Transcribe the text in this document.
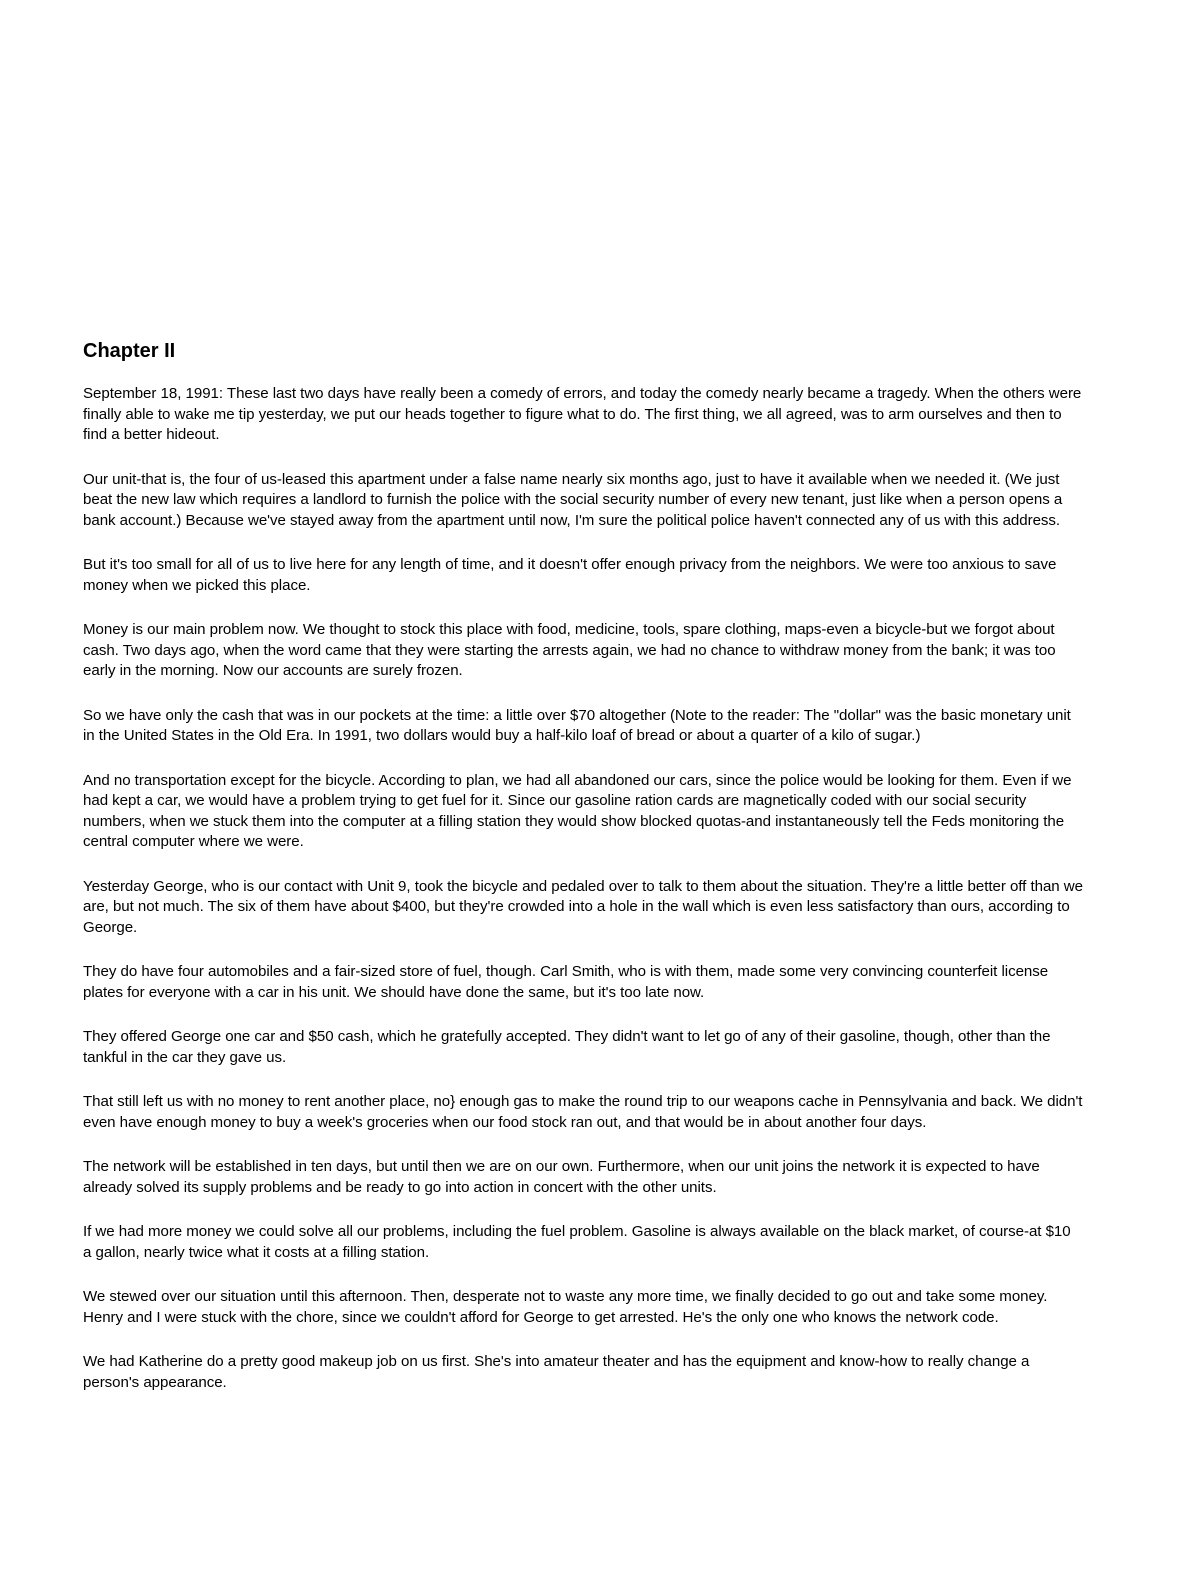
Chapter II

September 18, 1991: These last two days have really been a comedy of errors, and today the comedy nearly became a tragedy. When the others were finally able to wake me tip yesterday, we put our heads together to figure what to do. The first thing, we all agreed, was to arm ourselves and then to find a better hideout.

Our unit-that is, the four of us-leased this apartment under a false name nearly six months ago, just to have it available when we needed it. (We just beat the new law which requires a landlord to furnish the police with the social security number of every new tenant, just like when a person opens a bank account.) Because we've stayed away from the apartment until now, I'm sure the political police haven't connected any of us with this address.

But it's too small for all of us to live here for any length of time, and it doesn't offer enough privacy from the neighbors. We were too anxious to save money when we picked this place.

Money is our main problem now. We thought to stock this place with food, medicine, tools, spare clothing, maps-even a bicycle-but we forgot about cash. Two days ago, when the word came that they were starting the arrests again, we had no chance to withdraw money from the bank; it was too early in the morning. Now our accounts are surely frozen.

So we have only the cash that was in our pockets at the time: a little over $70 altogether (Note to the reader: The "dollar" was the basic monetary unit in the United States in the Old Era. In 1991, two dollars would buy a half-kilo loaf of bread or about a quarter of a kilo of sugar.)

And no transportation except for the bicycle. According to plan, we had all abandoned our cars, since the police would be looking for them. Even if we had kept a car, we would have a problem trying to get fuel for it. Since our gasoline ration cards are magnetically coded with our social security numbers, when we stuck them into the computer at a filling station they would show blocked quotas-and instantaneously tell the Feds monitoring the central computer where we were.

Yesterday George, who is our contact with Unit 9, took the bicycle and pedaled over to talk to them about the situation. They're a little better off than we are, but not much. The six of them have about $400, but they're crowded into a hole in the wall which is even less satisfactory than ours, according to George.

They do have four automobiles and a fair-sized store of fuel, though. Carl Smith, who is with them, made some very convincing counterfeit license plates for everyone with a car in his unit. We should have done the same, but it's too late now.

They offered George one car and $50 cash, which he gratefully accepted. They didn't want to let go of any of their gasoline, though, other than the tankful in the car they gave us.

That still left us with no money to rent another place, no} enough gas to make the round trip to our weapons cache in Pennsylvania and back. We didn't even have enough money to buy a week's groceries when our food stock ran out, and that would be in about another four days.

The network will be established in ten days, but until then we are on our own. Furthermore, when our unit joins the network it is expected to have already solved its supply problems and be ready to go into action in concert with the other units.

If we had more money we could solve all our problems, including the fuel problem. Gasoline is always available on the black market, of course-at $10 a gallon, nearly twice what it costs at a filling station.

We stewed over our situation until this afternoon. Then, desperate not to waste any more time, we finally decided to go out and take some money. Henry and I were stuck with the chore, since we couldn't afford for George to get arrested. He's the only one who knows the network code.

We had Katherine do a pretty good makeup job on us first. She's into amateur theater and has the equipment and know-how to really change a person's appearance.
